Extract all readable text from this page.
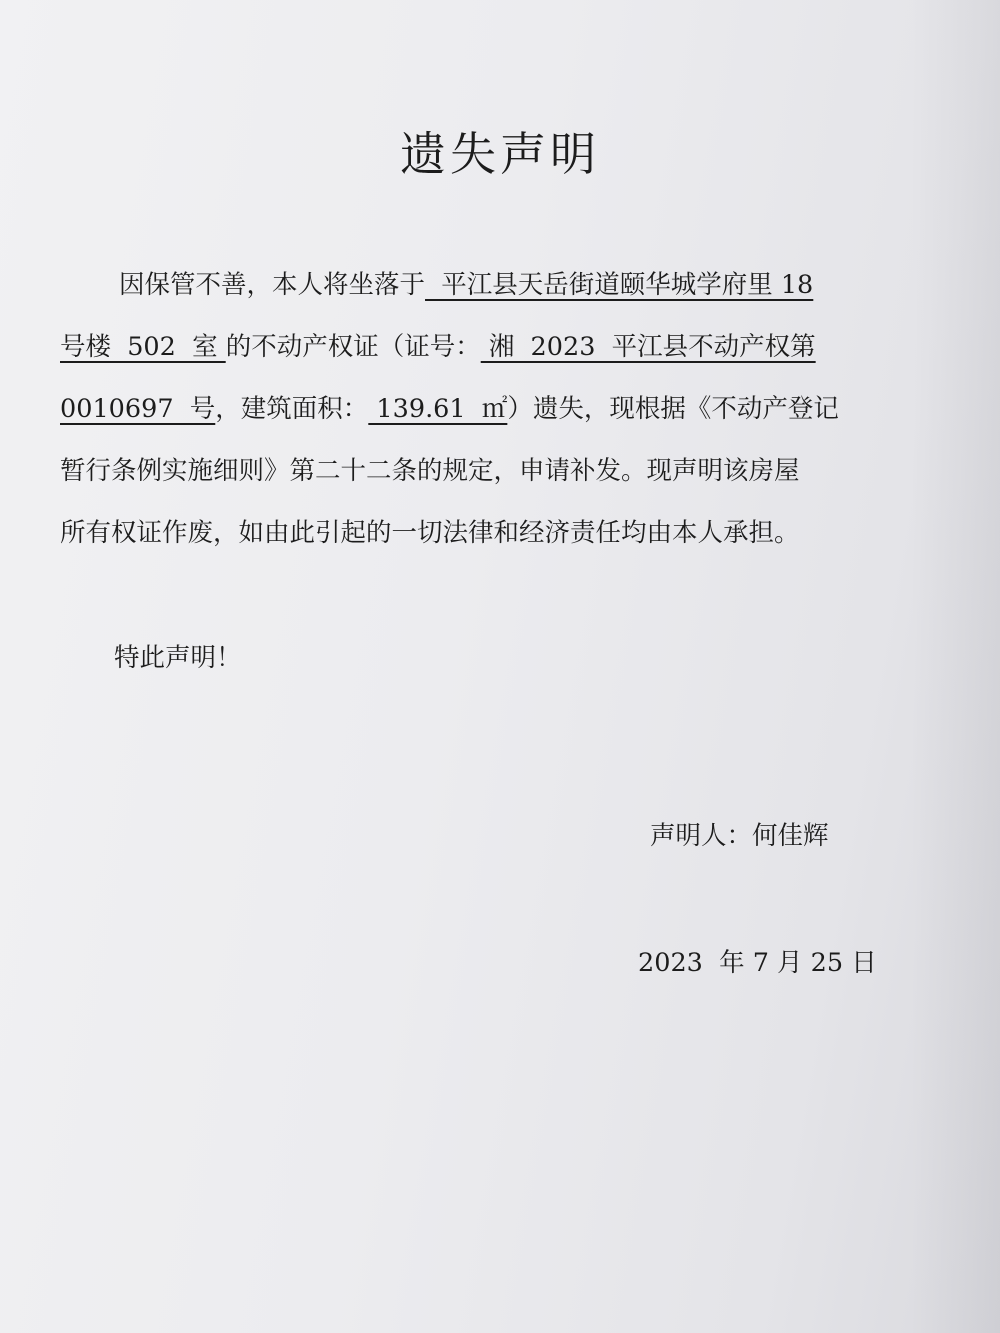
遗失声明
因保管不善，本人将坐落于  平江县天岳街道颐华城学府里 18
号楼  502  室 的不动产权证（证号： 湘  2023  平江县不动产权第
0010697  号，建筑面积： 139.61  ㎡）遗失，现根据《不动产登记
暂行条例实施细则》第二十二条的规定，申请补发。现声明该房屋
所有权证作废，如由此引起的一切法律和经济责任均由本人承担。
特此声明！
声明人：何佳辉
2023  年 7 月 25 日
